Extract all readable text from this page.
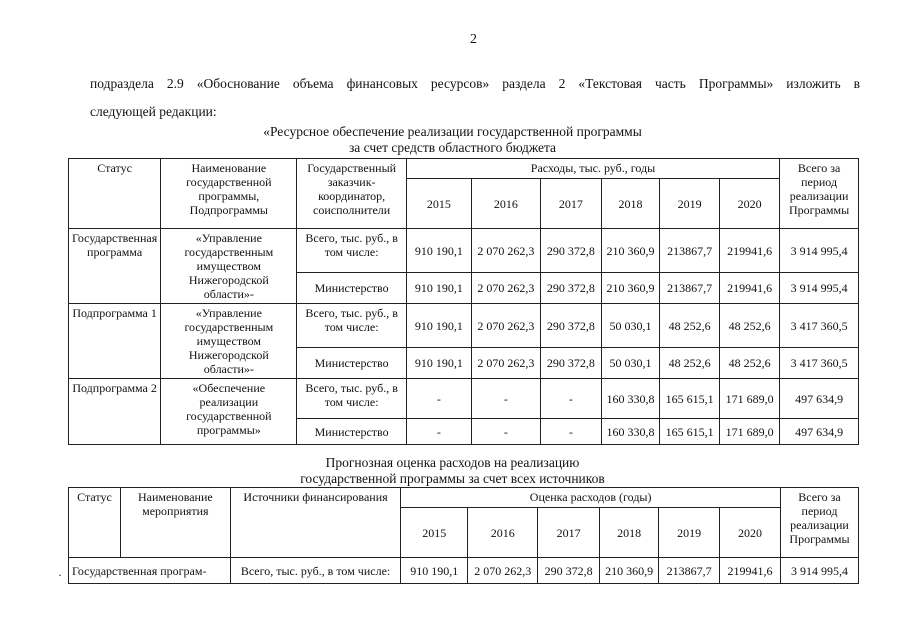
2
подраздела 2.9 «Обоснование объема финансовых ресурсов» раздела 2 «Текстовая часть Программы» изложить в
следующей редакции:
«Ресурсное обеспечение реализации государственной программы
за счет средств областного бюджета
Статус	Наименование государственной программы, Подпрограммы	Государственный заказчик-координатор, соисполнители	Расходы, тыс. руб., годы						Всего за период реализации Программы
			2015	2016	2017	2018	2019	2020	
Государственная программа	«Управление государственным имуществом Нижегородской области»-	Всего, тыс. руб., в том числе:	910 190,1	2 070 262,3	290 372,8	210 360,9	213867,7	219941,6	3 914 995,4
		Министерство	910 190,1	2 070 262,3	290 372,8	210 360,9	213867,7	219941,6	3 914 995,4
Подпрограмма 1	«Управление государственным имуществом Нижегородской области»-	Всего, тыс. руб., в том числе:	910 190,1	2 070 262,3	290 372,8	50 030,1	48 252,6	48 252,6	3 417 360,5
		Министерство	910 190,1	2 070 262,3	290 372,8	50 030,1	48 252,6	48 252,6	3 417 360,5
Подпрограмма 2	«Обеспечение реализации государственной программы»	Всего, тыс. руб., в том числе:	-	-	-	160 330,8	165 615,1	171 689,0	497 634,9
		Министерство	-	-	-	160 330,8	165 615,1	171 689,0	497 634,9
Прогнозная оценка расходов на реализацию
государственной программы за счет всех источников
Статус	Наименование мероприятия	Источники финансирования	Оценка расходов (годы)						Всего за период реализации Программы
			2015	2016	2017	2018	2019	2020	
Государственная програм-		Всего, тыс. руб., в том числе:	910 190,1	2 070 262,3	290 372,8	210 360,9	213867,7	219941,6	3 914 995,4
·
